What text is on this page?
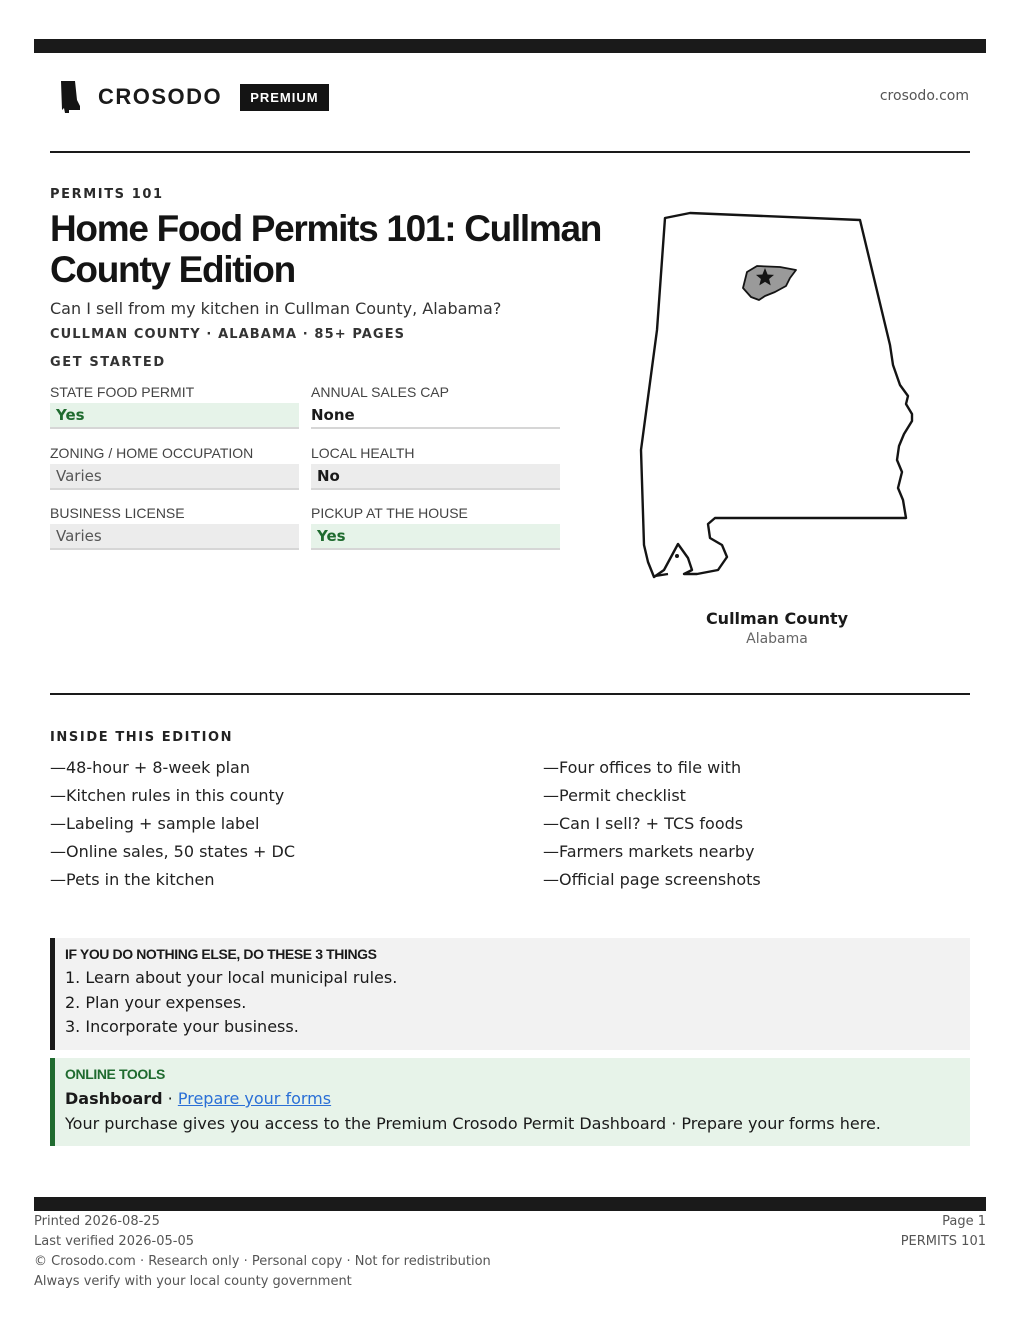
CROSODO	PREMIUM	crosodo.com
PERMITS 101
Home Food Permits 101: Cullman County Edition
Can I sell from my kitchen in Cullman County, Alabama?
CULLMAN COUNTY · ALABAMA · 85+ PAGES
GET STARTED
STATE FOOD PERMIT
Yes
ANNUAL SALES CAP
None
ZONING / HOME OCCUPATION
Varies
LOCAL HEALTH
No
BUSINESS LICENSE
Varies
PICKUP AT THE HOUSE
Yes
Cullman County
Alabama
INSIDE THIS EDITION
—48-hour + 8-week plan
—Kitchen rules in this county
—Labeling + sample label
—Online sales, 50 states + DC
—Pets in the kitchen
—Four offices to file with
—Permit checklist
—Can I sell? + TCS foods
—Farmers markets nearby
—Official page screenshots
IF YOU DO NOTHING ELSE, DO THESE 3 THINGS
1. Learn about your local municipal rules.
2. Plan your expenses.
3. Incorporate your business.
ONLINE TOOLS
Dashboard · Prepare your forms
Your purchase gives you access to the Premium Crosodo Permit Dashboard · Prepare your forms here.
Printed 2026-08-25
Last verified 2026-05-05
© Crosodo.com · Research only · Personal copy · Not for redistribution
Always verify with your local county government
Page 1
PERMITS 101
